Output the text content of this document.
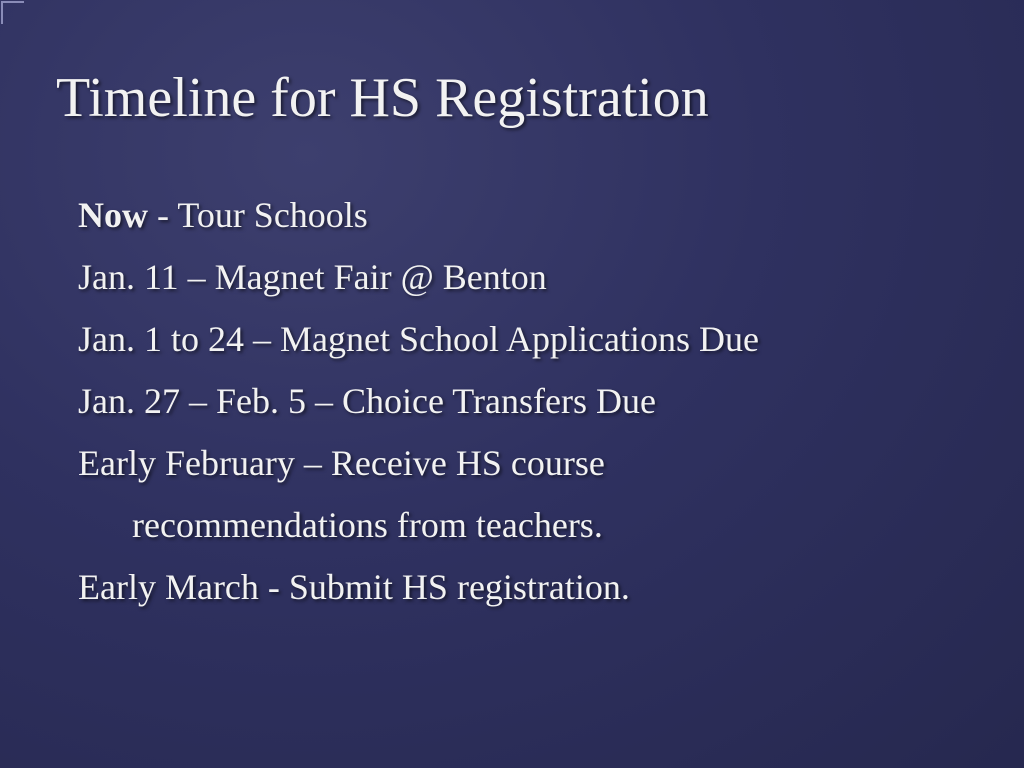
Timeline for HS Registration
Now - Tour Schools
Jan. 11 – Magnet Fair @ Benton
Jan. 1 to 24 – Magnet School Applications Due
Jan. 27 – Feb. 5 – Choice Transfers Due
Early February – Receive HS course
recommendations from teachers.
Early March - Submit HS registration.
